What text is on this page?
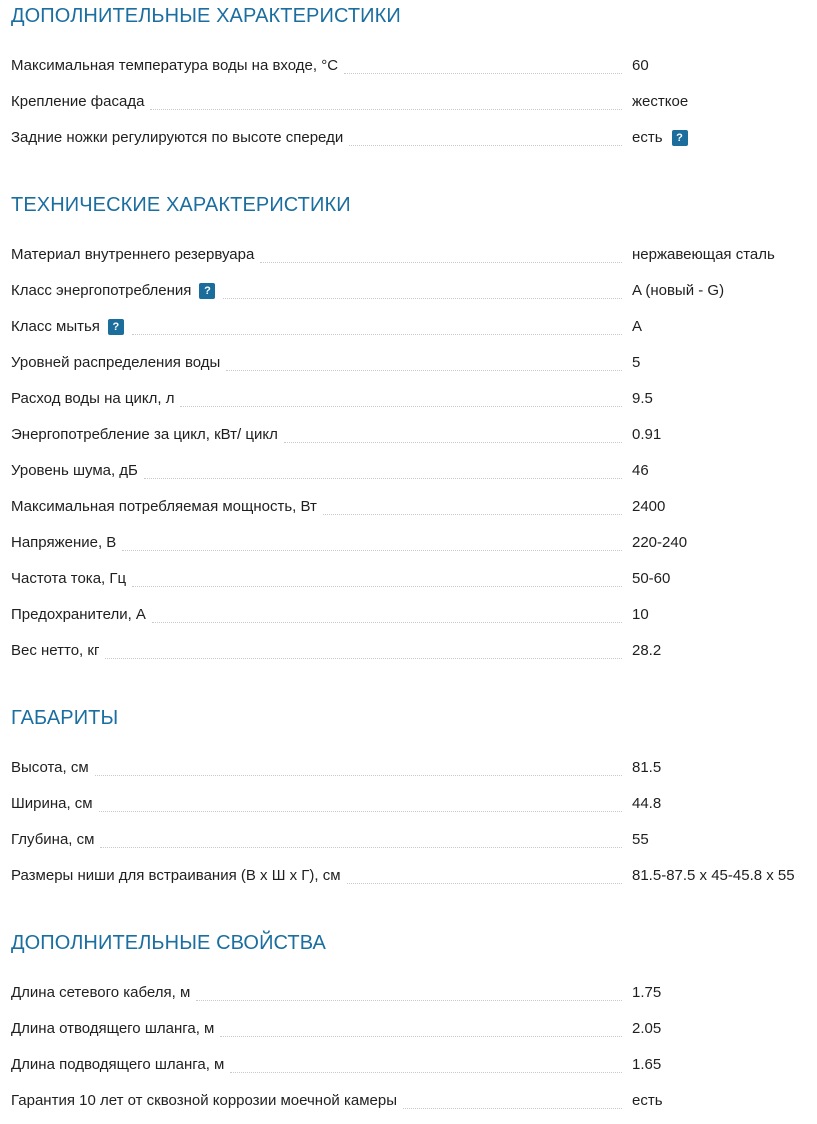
ДОПОЛНИТЕЛЬНЫЕ ХАРАКТЕРИСТИКИ
Максимальная температура воды на входе, °C	60
Крепление фасада	жесткое
Задние ножки регулируются по высоте спереди	есть	?
ТЕХНИЧЕСКИЕ ХАРАКТЕРИСТИКИ
Материал внутреннего резервуара	нержавеющая сталь
Класс энергопотребления	?	A (новый - G)
Класс мытья	?	A
Уровней распределения воды	5
Расход воды на цикл, л	9.5
Энергопотребление за цикл, кВт/ цикл	0.91
Уровень шума, дБ	46
Максимальная потребляемая мощность, Вт	2400
Напряжение, В	220-240
Частота тока, Гц	50-60
Предохранители, А	10
Вес нетто, кг	28.2
ГАБАРИТЫ
Высота, см	81.5
Ширина, см	44.8
Глубина, см	55
Размеры ниши для встраивания (В x Ш x Г), см	81.5-87.5 x 45-45.8 x 55
ДОПОЛНИТЕЛЬНЫЕ СВОЙСТВА
Длина сетевого кабеля, м	1.75
Длина отводящего шланга, м	2.05
Длина подводящего шланга, м	1.65
Гарантия 10 лет от сквозной коррозии моечной камеры	есть
